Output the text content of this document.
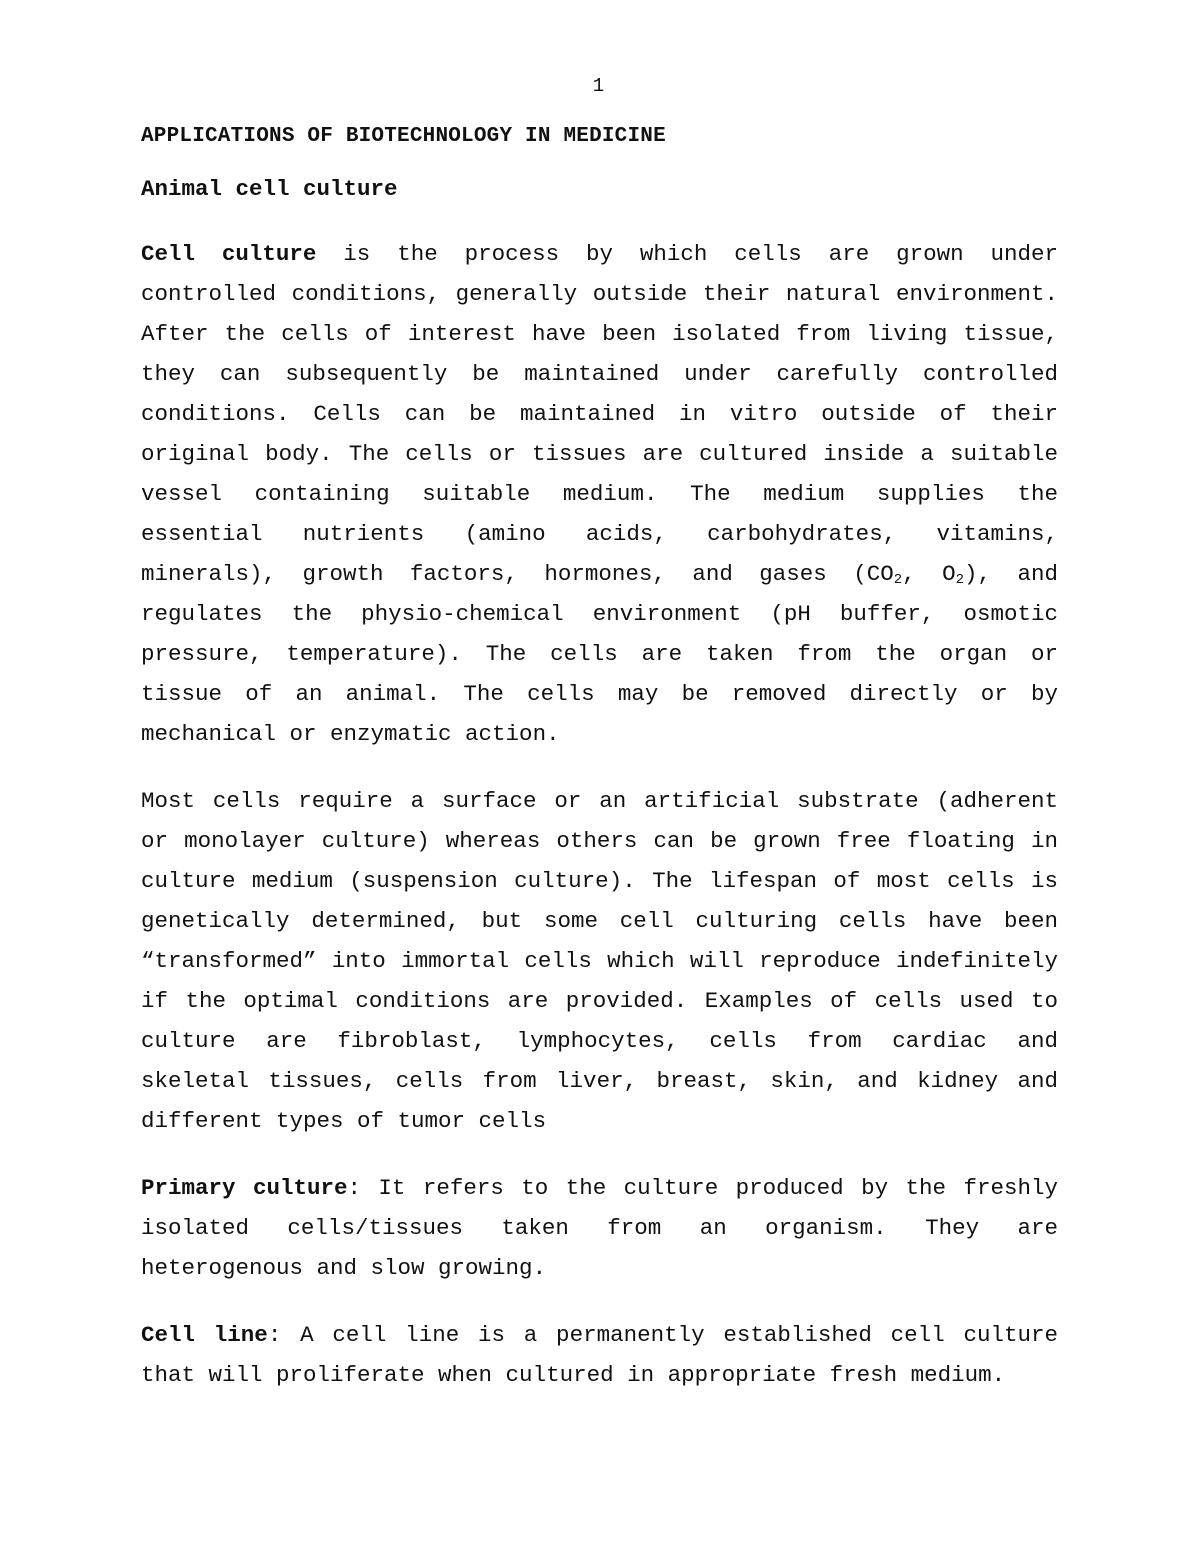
1
APPLICATIONS OF BIOTECHNOLOGY IN MEDICINE
Animal cell culture

Cell culture is the process by which cells are grown under controlled conditions, generally outside their natural environment. After the cells of interest have been isolated from living tissue, they can subsequently be maintained under carefully controlled conditions. Cells can be maintained in vitro outside of their original body. The cells or tissues are cultured inside a suitable vessel containing suitable medium. The medium supplies the essential nutrients (amino acids, carbohydrates, vitamins, minerals), growth factors, hormones, and gases ($CO_2$, $O_2$), and regulates the physio-chemical environment (pH buffer, osmotic pressure, temperature). The cells are taken from the organ or tissue of an animal. The cells may be removed directly or by mechanical or enzymatic action.

Most cells require a surface or an artificial substrate (adherent or monolayer culture) whereas others can be grown free floating in culture medium (suspension culture). The lifespan of most cells is genetically determined, but some cell culturing cells have been “transformed” into immortal cells which will reproduce indefinitely if the optimal conditions are provided. Examples of cells used to culture are fibroblast, lymphocytes, cells from cardiac and skeletal tissues, cells from liver, breast, skin, and kidney and different types of tumor cells

Primary culture: It refers to the culture produced by the freshly isolated cells/tissues taken from an organism. They are heterogenous and slow growing.

Cell line: A cell line is a permanently established cell culture that will proliferate when cultured in appropriate fresh medium.
